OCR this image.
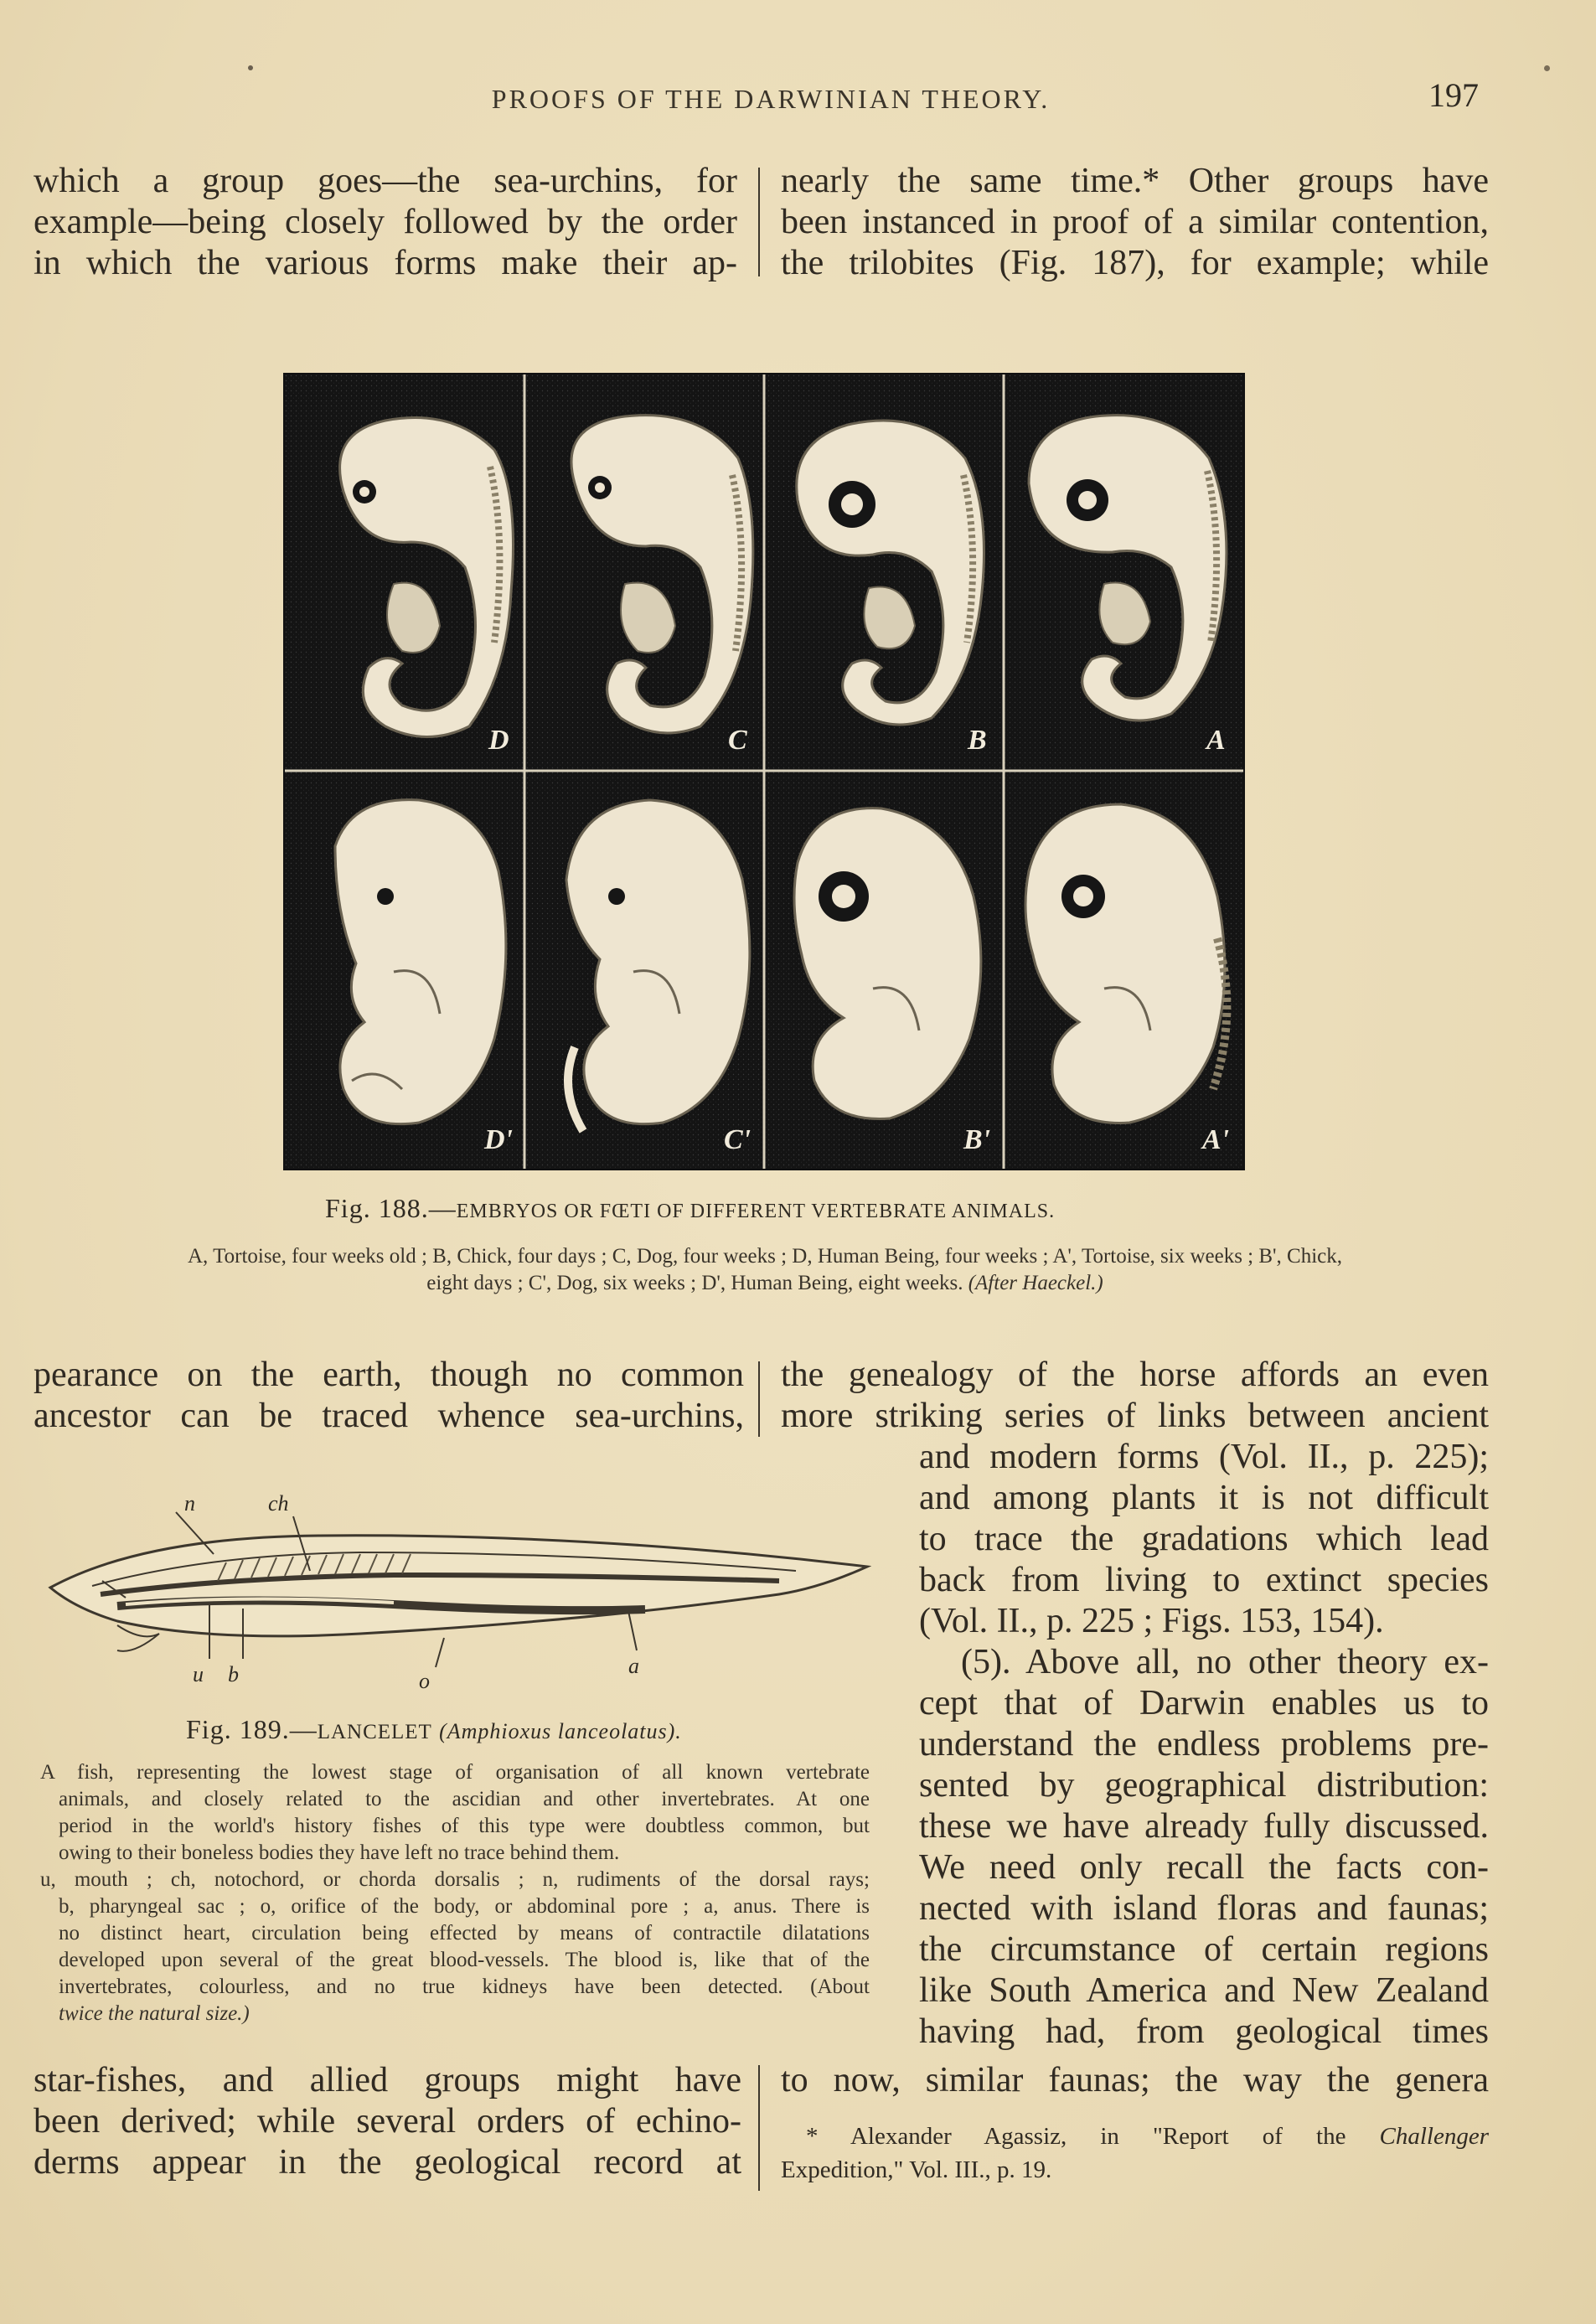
PROOFS OF THE DARWINIAN THEORY.	197
which a group goes—the sea-urchins, for
example—being closely followed by the order
in which the various forms make their ap-
nearly the same time.* Other groups have
been instanced in proof of a similar contention,
the trilobites (Fig. 187), for example; while
D	C	B	A
D'	C'	B'	A'
Fig. 188.—EMBRYOS OR FŒTI OF DIFFERENT VERTEBRATE ANIMALS.
A, Tortoise, four weeks old ; B, Chick, four days ; C, Dog, four weeks ; D, Human Being, four weeks ; A', Tortoise, six weeks ; B', Chick,
eight days ; C', Dog, six weeks ; D', Human Being, eight weeks. (After Haeckel.)
pearance on the earth, though no common
ancestor can be traced whence sea-urchins,
the genealogy of the horse affords an even
more striking series of links between ancient
and modern forms (Vol. II., p. 225);
and among plants it is not difficult
to trace the gradations which lead
back from living to extinct species
(Vol. II., p. 225 ; Figs. 153, 154).
(5). Above all, no other theory ex-
cept that of Darwin enables us to
understand the endless problems pre-
sented by geographical distribution:
these we have already fully discussed.
We need only recall the facts con-
nected with island floras and faunas;
the circumstance of certain regions
like South America and New Zealand
having had, from geological times
n	ch
u b	o
a
Fig. 189.—LANCELET (Amphioxus lanceolatus).
A fish, representing the lowest stage of organisation of all known vertebrate
animals, and closely related to the ascidian and other invertebrates. At one
period in the world's history fishes of this type were doubtless common, but
owing to their boneless bodies they have left no trace behind them.
u, mouth ; ch, notochord, or chorda dorsalis ; n, rudiments of the dorsal rays;
b, pharyngeal sac ; o, orifice of the body, or abdominal pore ; a, anus. There is
no distinct heart, circulation being effected by means of contractile dilatations
developed upon several of the great blood-vessels. The blood is, like that of the
invertebrates, colourless, and no true kidneys have been detected. (About
twice the natural size.)
star-fishes, and allied groups might have
been derived; while several orders of echino-
derms appear in the geological record at
to now, similar faunas; the way the genera
* Alexander Agassiz, in "Report of the Challenger
Expedition," Vol. III., p. 19.
